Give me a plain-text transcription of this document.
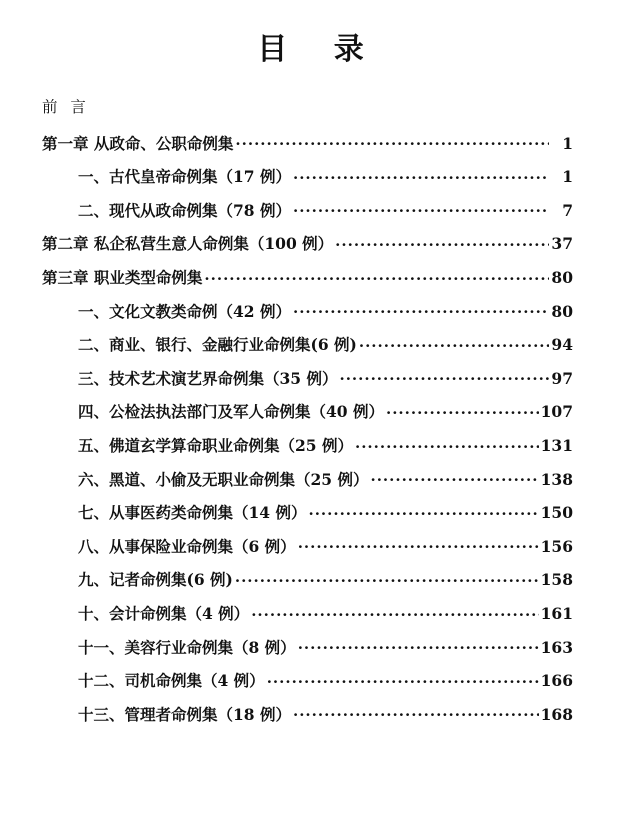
目 录
前 言
第一章 从政命、公职命例集 ·····	1
一、古代皇帝命例集（17 例） ·····	1
二、现代从政命例集（78 例） ·····	7
第二章 私企私营生意人命例集（100 例） ·····	37
第三章 职业类型命例集 ·····	80
一、文化文教类命例（42 例） ·····	80
二、商业、银行、金融行业命例集(6 例) ·····	94
三、技术艺术演艺界命例集（35 例） ·····	97
四、公检法执法部门及军人命例集（40 例） ·····	107
五、佛道玄学算命职业命例集（25 例） ·····	131
六、黑道、小偷及无职业命例集（25 例） ·····	138
七、从事医药类命例集（14 例） ·····	150
八、从事保险业命例集（6 例） ·····	156
九、记者命例集(6 例) ·····	158
十、会计命例集（4 例） ·····	161
十一、美容行业命例集（8 例） ·····	163
十二、司机命例集（4 例） ·····	166
十三、管理者命例集（18 例） ·····	168
